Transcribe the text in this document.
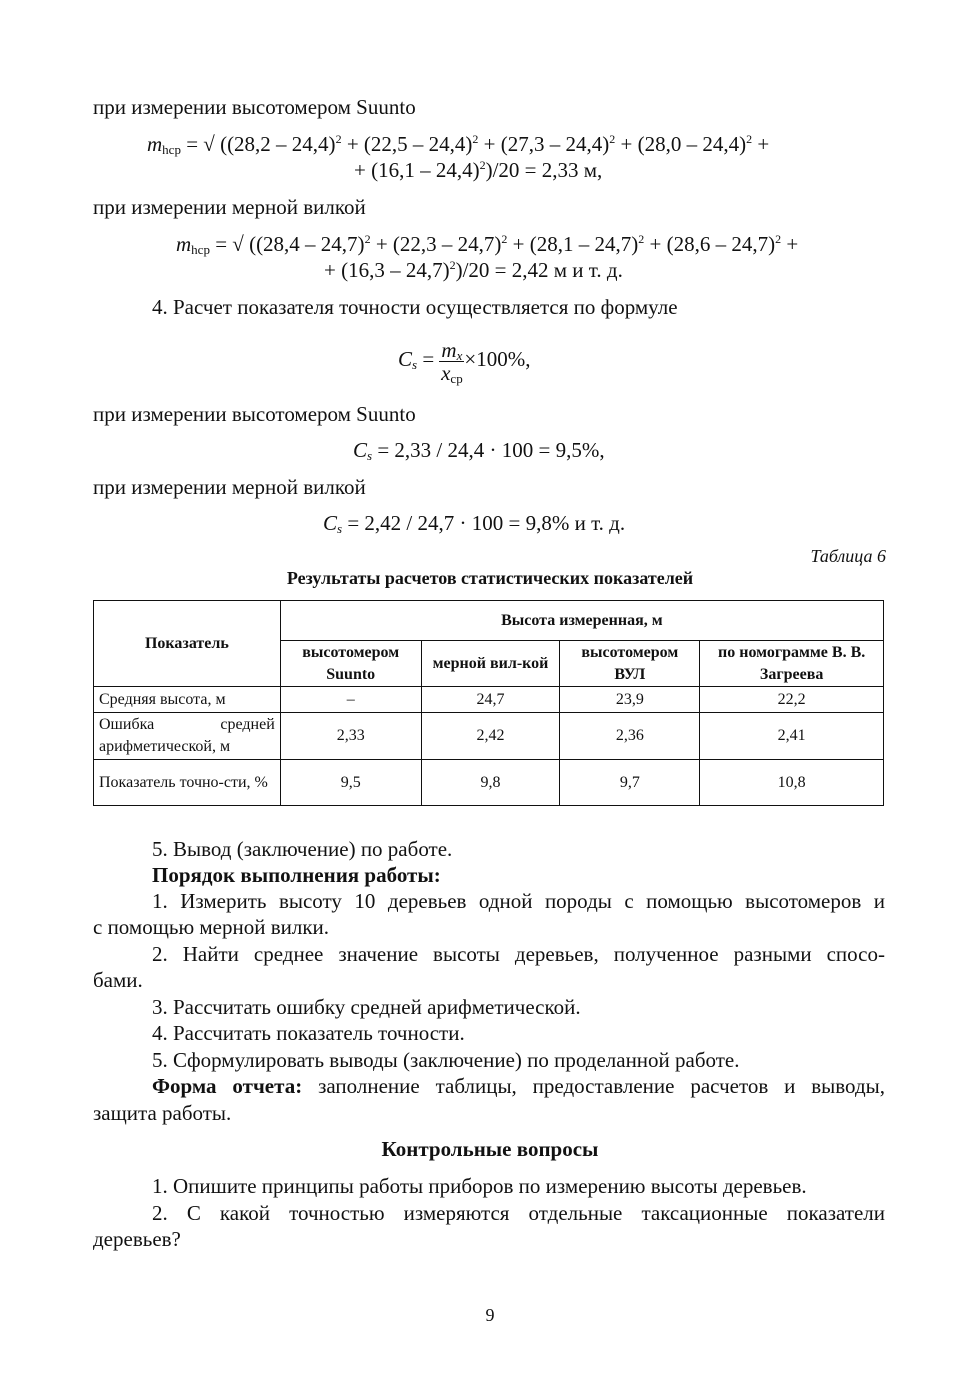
при измерении высотомером Suunto
$m_{hср}$ = √ ((28,2 – 24,4)$^2$ + (22,5 – 24,4)$^2$ + (27,3 – 24,4)$^2$ + (28,0 – 24,4)$^2$ +
+ (16,1 – 24,4)$^2$)/20 = 2,33 м,
при измерении мерной вилкой
$m_{hср}$ = √ ((28,4 – 24,7)$^2$ + (22,3 – 24,7)$^2$ + (28,1 – 24,7)$^2$ + (28,6 – 24,7)$^2$ +
+ (16,3 – 24,7)$^2$)/20 = 2,42 м и т. д.
4. Расчет показателя точности осуществляется по формуле
$C_s = \frac{m_x}{x_{ср}} \times 100\%$,
при измерении высотомером Suunto
$C_s = 2,33 / 24,4 \cdot 100 = 9,5\%$,
при измерении мерной вилкой
$C_s = 2,42 / 24,7 \cdot 100 = 9,8\%$ и т. д.
Таблица 6
Результаты расчетов статистических показателей
Показатель	Высота измеренная, м			
	высотомером Suunto	мерной вил-кой	высотомером ВУЛ	по номограмме В. В. Загреева
Средняя высота, м	–	24,7	23,9	22,2
Ошибка средней арифметической, м	2,33	2,42	2,36	2,41
Показатель точно-сти, %	9,5	9,8	9,7	10,8
5. Вывод (заключение) по работе.
Порядок выполнения работы:
1. Измерить высоту 10 деревьев одной породы с помощью высотомеров и
с помощью мерной вилки.
2. Найти среднее значение высоты деревьев, полученное разными спосо-
бами.
3. Рассчитать ошибку средней арифметической.
4. Рассчитать показатель точности.
5. Сформулировать выводы (заключение) по проделанной работе.
Форма отчета: заполнение таблицы, предоставление расчетов и выводы,
защита работы.
Контрольные вопросы
1. Опишите принципы работы приборов по измерению высоты деревьев.
2. С какой точностью измеряются отдельные таксационные показатели
деревьев?
9
